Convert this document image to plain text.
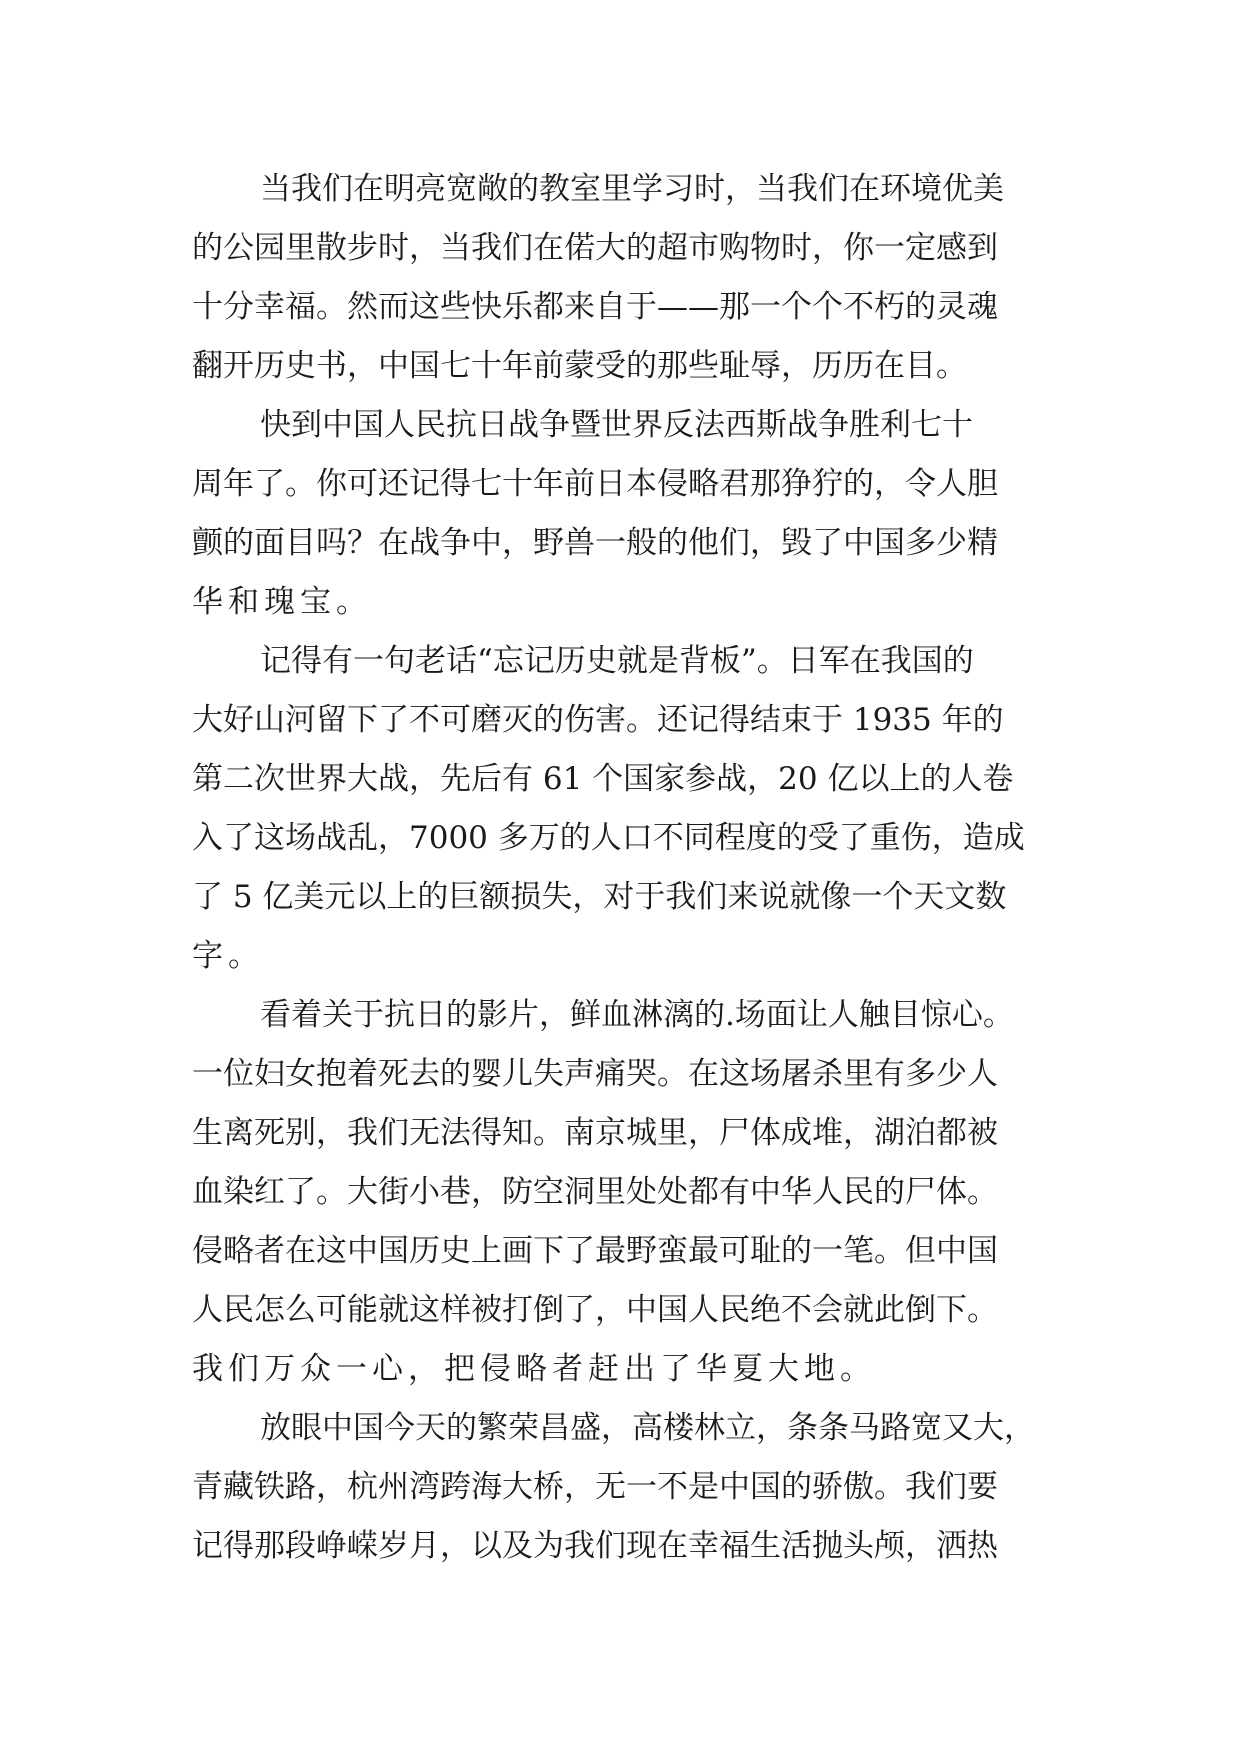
当我们在明亮宽敞的教室里学习时，当我们在环境优美
的公园里散步时，当我们在偌大的超市购物时，你一定感到
十分幸福。然而这些快乐都来自于——那一个个不朽的灵魂
翻开历史书，中国七十年前蒙受的那些耻辱，历历在目。
快到中国人民抗日战争暨世界反法西斯战争胜利七十
周年了。你可还记得七十年前日本侵略君那狰狞的，令人胆
颤的面目吗？在战争中，野兽一般的他们，毁了中国多少精
华和瑰宝。
记得有一句老话“忘记历史就是背板”。日军在我国的
大好山河留下了不可磨灭的伤害。还记得结束于 1935 年的
第二次世界大战，先后有 61 个国家参战，20 亿以上的人卷
入了这场战乱，7000 多万的人口不同程度的受了重伤，造成
了 5 亿美元以上的巨额损失，对于我们来说就像一个天文数
字。
看着关于抗日的影片，鲜血淋漓的.场面让人触目惊心。
一位妇女抱着死去的婴儿失声痛哭。在这场屠杀里有多少人
生离死别，我们无法得知。南京城里，尸体成堆，湖泊都被
血染红了。大街小巷，防空洞里处处都有中华人民的尸体。
侵略者在这中国历史上画下了最野蛮最可耻的一笔。但中国
人民怎么可能就这样被打倒了，中国人民绝不会就此倒下。
我们万众一心，把侵略者赶出了华夏大地。
放眼中国今天的繁荣昌盛，高楼林立，条条马路宽又大，
青藏铁路，杭州湾跨海大桥，无一不是中国的骄傲。我们要
记得那段峥嵘岁月，以及为我们现在幸福生活抛头颅，洒热
